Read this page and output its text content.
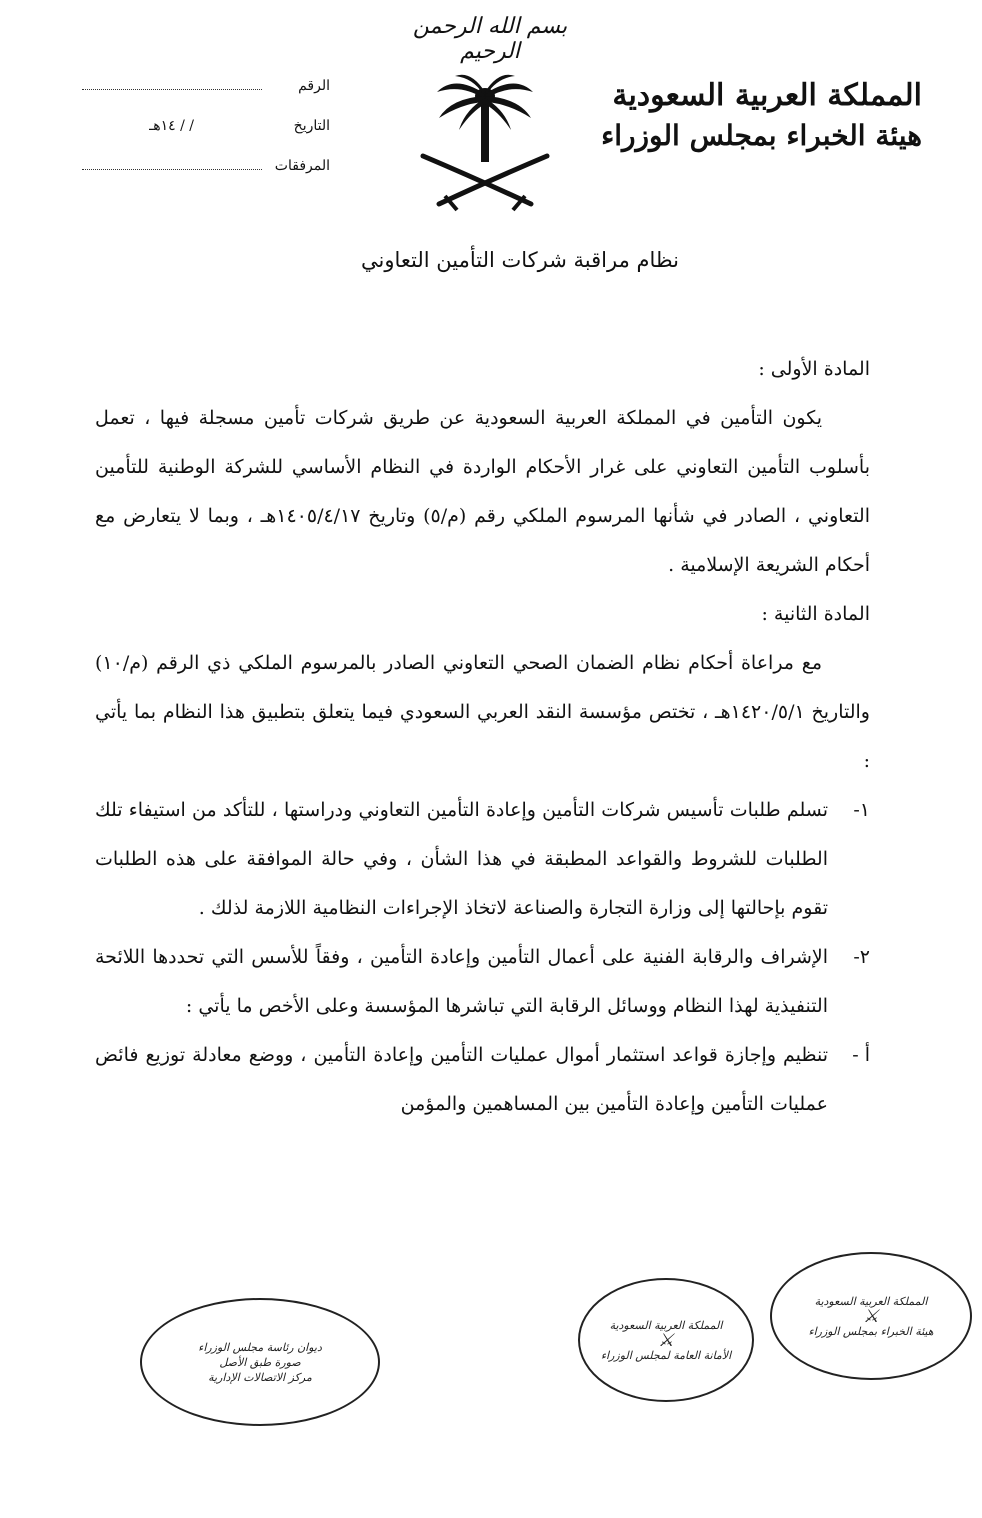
بسم الله الرحمن الرحيم
المملكة العربية السعودية
هيئة الخبراء بمجلس الوزراء
الرقم
التاريخ / / ١٤هـ
المرفقات
نظام مراقبة شركات التأمين التعاوني

المادة الأولى :

يكون التأمين في المملكة العربية السعودية عن طريق شركات تأمين مسجلة فيها ، تعمل بأسلوب التأمين التعاوني على غرار الأحكام الواردة في النظام الأساسي للشركة الوطنية للتأمين التعاوني ، الصادر في شأنها المرسوم الملكي رقم (م/٥) وتاريخ ١٤٠٥/٤/١٧هـ ، وبما لا يتعارض مع أحكام الشريعة الإسلامية .

المادة الثانية :

مع مراعاة أحكام نظام الضمان الصحي التعاوني الصادر بالمرسوم الملكي ذي الرقم (م/١٠) والتاريخ ١٤٢٠/٥/١هـ ، تختص مؤسسة النقد العربي السعودي فيما يتعلق بتطبيق هذا النظام بما يأتي :

١-
تسلم طلبات تأسيس شركات التأمين وإعادة التأمين التعاوني ودراستها ، للتأكد من استيفاء تلك الطلبات للشروط والقواعد المطبقة في هذا الشأن ، وفي حالة الموافقة على هذه الطلبات تقوم بإحالتها إلى وزارة التجارة والصناعة لاتخاذ الإجراءات النظامية اللازمة لذلك .

٢-
الإشراف والرقابة الفنية على أعمال التأمين وإعادة التأمين ، وفقاً للأسس التي تحددها اللائحة التنفيذية لهذا النظام ووسائل الرقابة التي تباشرها المؤسسة وعلى الأخص ما يأتي :

أ -
تنظيم وإجازة قواعد استثمار أموال عمليات التأمين وإعادة التأمين ، ووضع معادلة توزيع فائض عمليات التأمين وإعادة التأمين بين المساهمين والمؤمن

ديوان رئاسة مجلس الوزراء
صورة طبق الأصل
مركز الاتصالات الإدارية
المملكة العربية السعودية
⚔
الأمانة العامة لمجلس الوزراء
المملكة العربية السعودية
⚔
هيئة الخبراء بمجلس الوزراء
